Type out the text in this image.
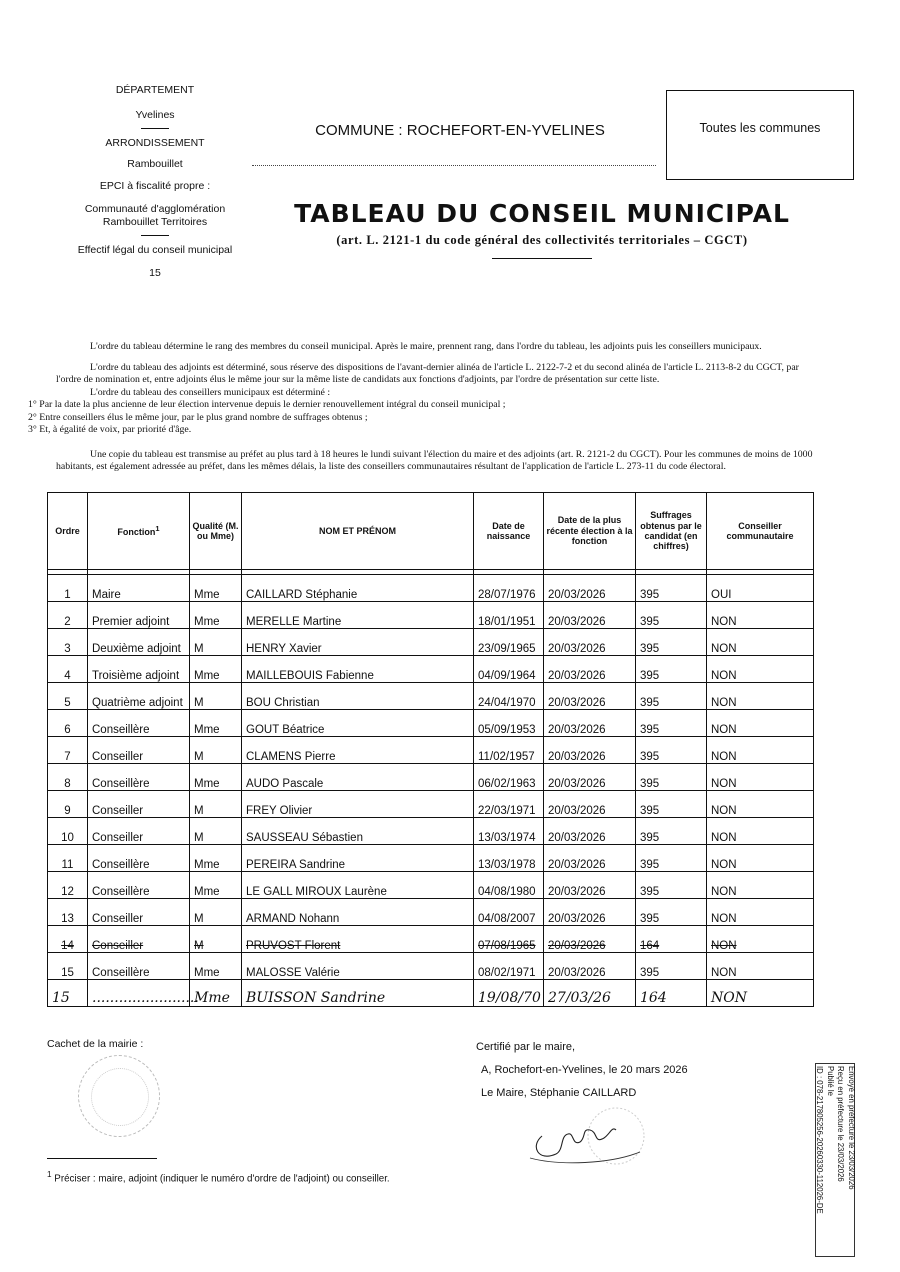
DÉPARTEMENT
Yvelines
ARRONDISSEMENT
Rambouillet
EPCI à fiscalité propre :
Communauté d'agglomération
Rambouillet Territoires
Effectif légal du conseil municipal
15
COMMUNE : ROCHEFORT-EN-YVELINES	Toutes les communes
TABLEAU DU CONSEIL MUNICIPAL
(art. L. 2121-1 du code général des collectivités territoriales – CGCT)
L'ordre du tableau détermine le rang des membres du conseil municipal. Après le maire, prennent rang, dans l'ordre du tableau, les adjoints puis les conseillers municipaux.
L'ordre du tableau des adjoints est déterminé, sous réserve des dispositions de l'avant-dernier alinéa de l'article L. 2122-7-2 et du second alinéa de l'article L. 2113-8-2 du CGCT, par l'ordre de nomination et, entre adjoints élus le même jour sur la même liste de candidats aux fonctions d'adjoints, par l'ordre de présentation sur cette liste.
L'ordre du tableau des conseillers municipaux est déterminé :
1° Par la date la plus ancienne de leur élection intervenue depuis le dernier renouvellement intégral du conseil municipal ;
2° Entre conseillers élus le même jour, par le plus grand nombre de suffrages obtenus ;
3° Et, à égalité de voix, par priorité d'âge.
Une copie du tableau est transmise au préfet au plus tard à 18 heures le lundi suivant l'élection du maire et des adjoints (art. R. 2121-2 du CGCT). Pour les communes de moins de 1000 habitants, est également adressée au préfet, dans les mêmes délais, la liste des conseillers communautaires résultant de l'application de l'article L. 273-11 du code électoral.
Ordre	Fonction$^1$	Qualité (M. ou Mme)	NOM ET PRÉNOM	Date de naissance	Date de la plus récente élection à la fonction	Suffrages obtenus par le candidat (en chiffres)	Conseiller communautaire

1	Maire	Mme	CAILLARD Stéphanie	28/07/1976	20/03/2026	395	OUI
2	Premier adjoint	Mme	MERELLE Martine	18/01/1951	20/03/2026	395	NON
3	Deuxième adjoint	M	HENRY Xavier	23/09/1965	20/03/2026	395	NON
4	Troisième adjoint	Mme	MAILLEBOUIS Fabienne	04/09/1964	20/03/2026	395	NON
5	Quatrième adjoint	M	BOU Christian	24/04/1970	20/03/2026	395	NON
6	Conseillère	Mme	GOUT Béatrice	05/09/1953	20/03/2026	395	NON
7	Conseiller	M	CLAMENS Pierre	11/02/1957	20/03/2026	395	NON
8	Conseillère	Mme	AUDO Pascale	06/02/1963	20/03/2026	395	NON
9	Conseiller	M	FREY Olivier	22/03/1971	20/03/2026	395	NON
10	Conseiller	M	SAUSSEAU Sébastien	13/03/1974	20/03/2026	395	NON
11	Conseillère	Mme	PEREIRA Sandrine	13/03/1978	20/03/2026	395	NON
12	Conseillère	Mme	LE GALL MIROUX Laurène	04/08/1980	20/03/2026	395	NON
13	Conseiller	M	ARMAND Nohann	04/08/2007	20/03/2026	395	NON
14	Conseiller	M	PRUVOST Florent	07/08/1965	20/03/2026	164	NON
15	Conseillère	Mme	MALOSSE Valérie	08/02/1971	20/03/2026	395	NON
15	........................	Mme	BUISSON Sandrine	19/08/70	27/03/26	164	NON
Cachet de la mairie :	Certifié par le maire,
A, Rochefort-en-Yvelines, le 20 mars 2026
Le Maire, Stéphanie CAILLARD
$^1$ Préciser : maire, adjoint (indiquer le numéro d'ordre de l'adjoint) ou conseiller.	Envoyé en préfecture le 23/03/2026
Reçu en préfecture le 23/03/2026
Publié le
ID : 078-217805256-20260330-112026-DE
